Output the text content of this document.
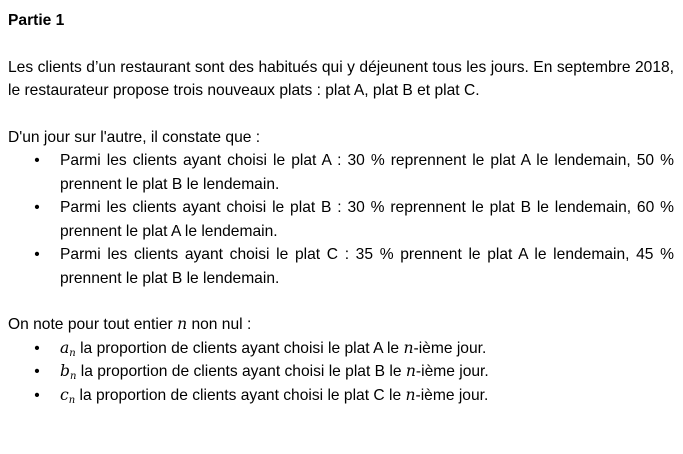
Partie 1

Les clients d’un restaurant sont des habitués qui y déjeunent tous les jours. En septembre 2018, le restaurateur propose trois nouveaux plats : plat A, plat B et plat C.

D'un jour sur l'autre, il constate que :

• Parmi les clients ayant choisi le plat A : 30 % reprennent le plat A le lendemain, 50 % prennent le plat B le lendemain.
• Parmi les clients ayant choisi le plat B : 30 % reprennent le plat B le lendemain, 60 % prennent le plat A le lendemain.
• Parmi les clients ayant choisi le plat C : 35 % prennent le plat A le lendemain, 45 % prennent le plat B le lendemain.

On note pour tout entier n non nul :

• $a_n$ la proportion de clients ayant choisi le plat A le n-ième jour.
• $b_n$ la proportion de clients ayant choisi le plat B le n-ième jour.
• $c_n$ la proportion de clients ayant choisi le plat C le n-ième jour.
